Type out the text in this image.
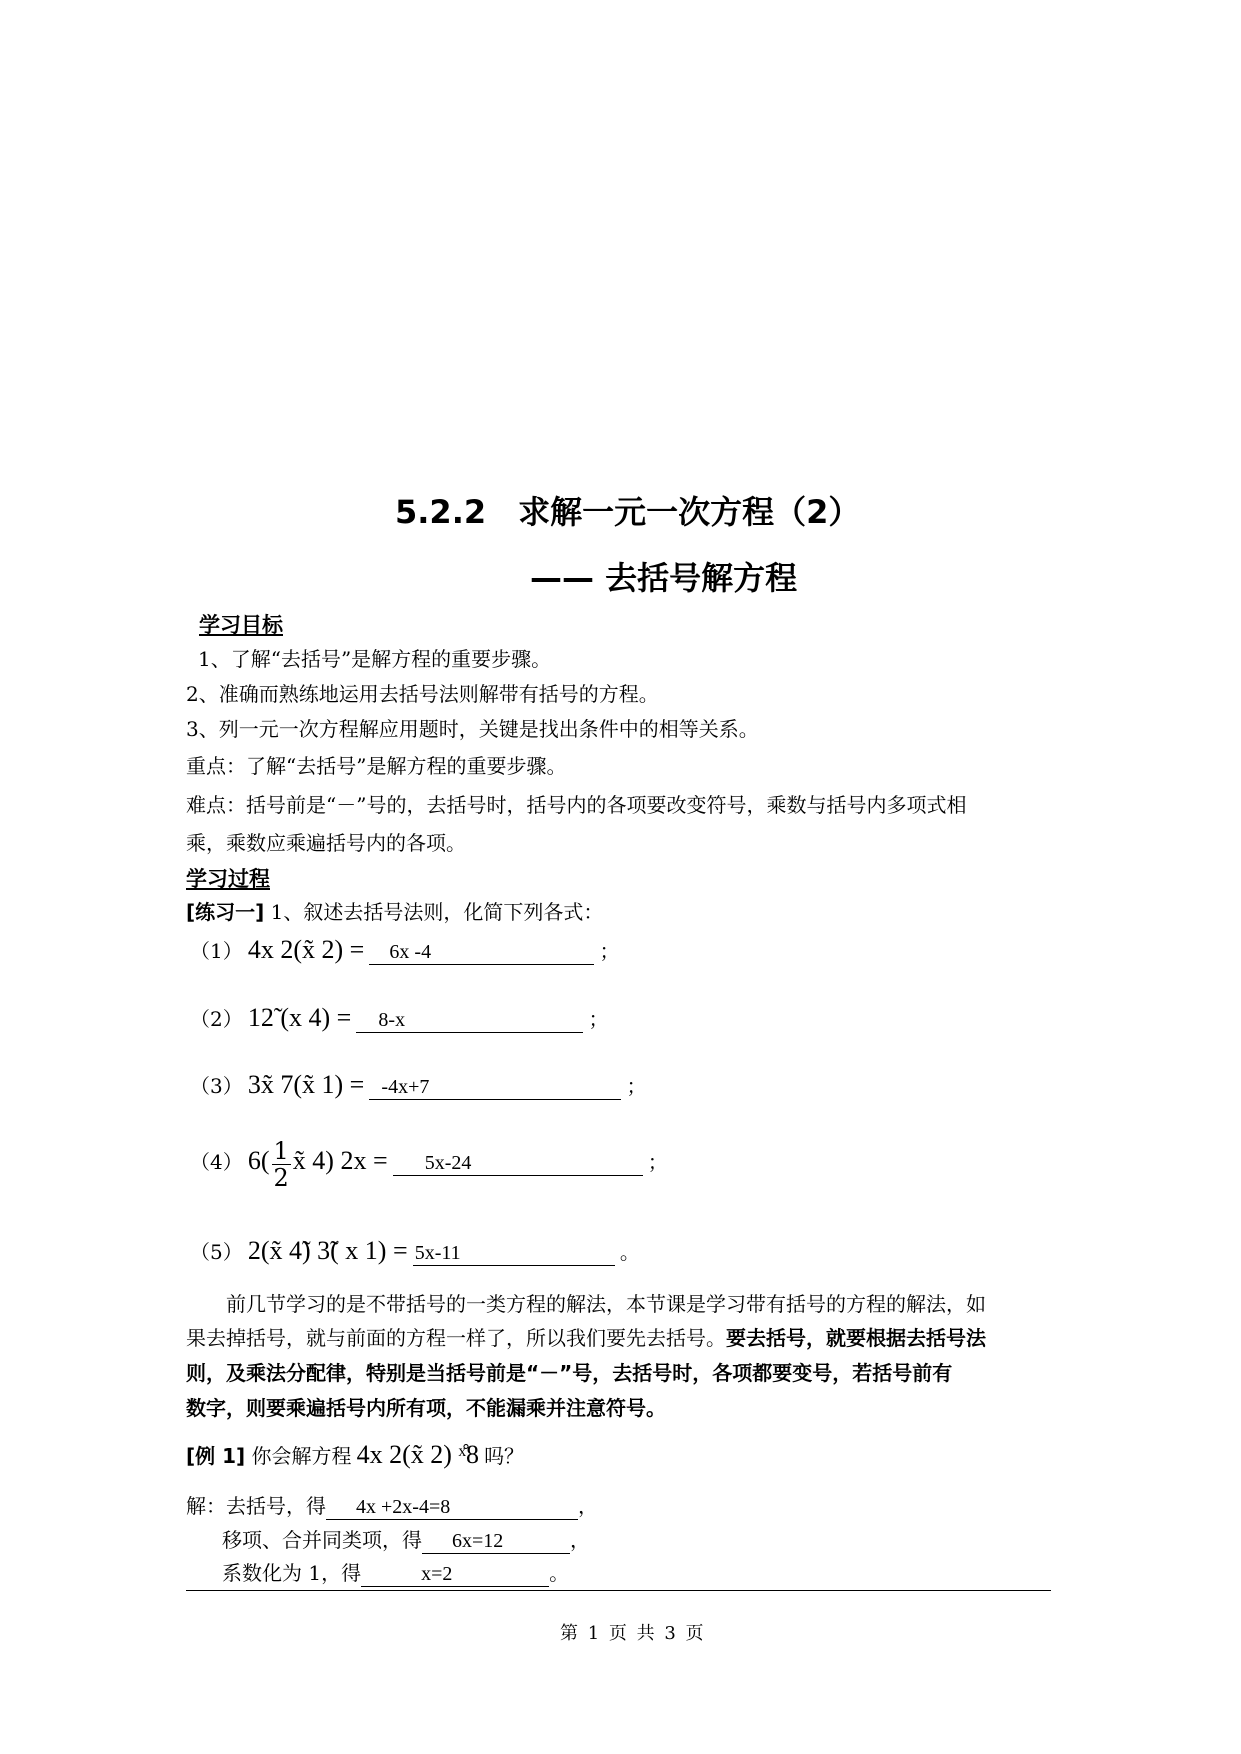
5.2.2　求解一元一次方程（2）
—— 去括号解方程
学习目标
1、了解“去括号”是解方程的重要步骤。
2、准确而熟练地运用去括号法则解带有括号的方程。
3、列一元一次方程解应用题时，关键是找出条件中的相等关系。
重点：了解“去括号”是解方程的重要步骤。
难点：括号前是“－”号的，去括号时，括号内的各项要改变符号，乘数与括号内多项式相
乘，乘数应乘遍括号内的各项。
学习过程
[练习一] 1、叙述去括号法则，化简下列各式：
（1） 4x 2(x̃ 2) = 6x -4	；
（2） 12̃ (x 4) = 8-x	；
（3） 3x̃ 7(x̃ 1) = -4x+7	；
（4） $6( \frac{1}{2}$ x̃ 4) 2x = 5x-24	；
（5） 2(x̃ 4̃) 3̃( x 1) = 5x-11	。
前几节学习的是不带括号的一类方程的解法，本节课是学习带有括号的方程的解法，如
果去掉括号，就与前面的方程一样了，所以我们要先去括号。要去括号，就要根据去括号法
则，及乘法分配律，特别是当括号前是“－”号，去括号时，各项都要变号，若括号前有
数字，则要乘遍括号内所有项，不能漏乘并注意符号。
[例 1] 你会解方程 4x 2(x̃ 2) ˣ̊8 吗？
解：去括号，得 4x +2x-4=8	，
移项、合并同类项，得 6x=12	，
系数化为 1，得	x=2	。
第 1 页 共 3 页
